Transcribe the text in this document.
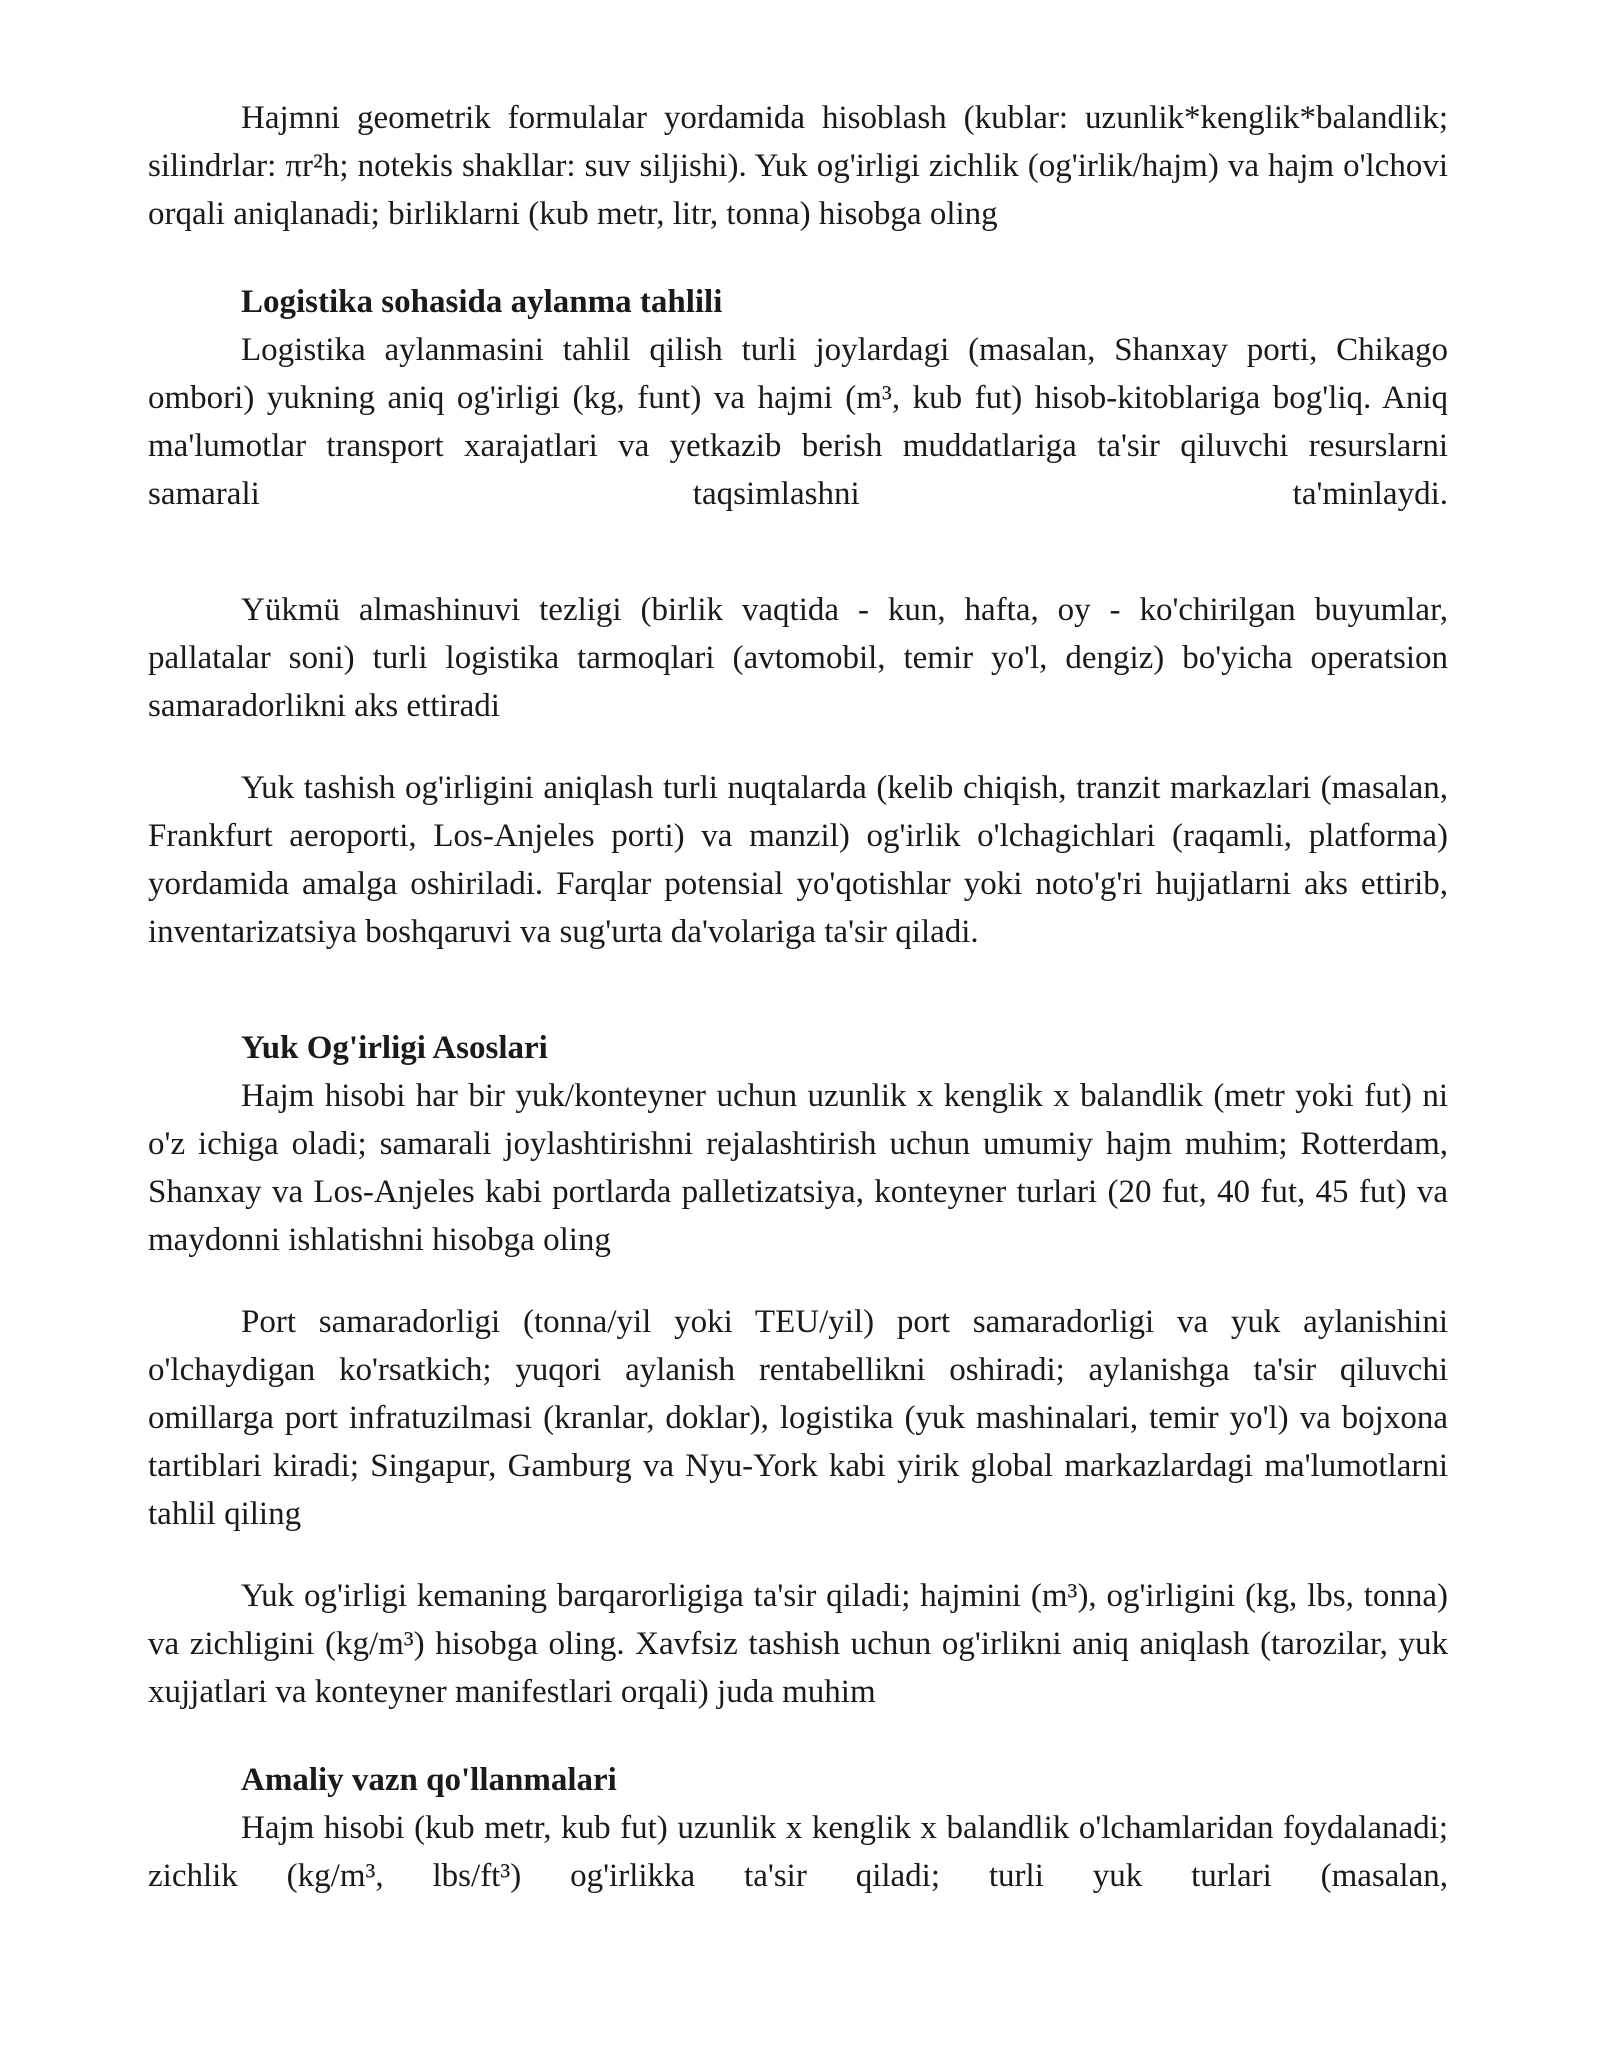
Hajmni geometrik formulalar yordamida hisoblash (kublar: uzunlik*kenglik*balandlik; silindrlar: πr²h; notekis shakllar: suv siljishi). Yuk og'irligi zichlik (og'irlik/hajm) va hajm o'lchovi orqali aniqlanadi; birliklarni (kub metr, litr, tonna) hisobga oling

Logistika sohasida aylanma tahlili

Logistika aylanmasini tahlil qilish turli joylardagi (masalan, Shanxay porti, Chikago ombori) yukning aniq og'irligi (kg, funt) va hajmi (m³, kub fut) hisob-kitoblariga bog'liq. Aniq ma'lumotlar transport xarajatlari va yetkazib berish muddatlariga ta'sir qiluvchi resurslarni samarali taqsimlashni ta'minlaydi.

Yükmü almashinuvi tezligi (birlik vaqtida - kun, hafta, oy - ko'chirilgan buyumlar, pallatalar soni) turli logistika tarmoqlari (avtomobil, temir yo'l, dengiz) bo'yicha operatsion samaradorlikni aks ettiradi

Yuk tashish og'irligini aniqlash turli nuqtalarda (kelib chiqish, tranzit markazlari (masalan, Frankfurt aeroporti, Los-Anjeles porti) va manzil) og'irlik o'lchagichlari (raqamli, platforma) yordamida amalga oshiriladi. Farqlar potensial yo'qotishlar yoki noto'g'ri hujjatlarni aks ettirib, inventarizatsiya boshqaruvi va sug'urta da'volariga ta'sir qiladi.

Yuk Og'irligi Asoslari

Hajm hisobi har bir yuk/konteyner uchun uzunlik x kenglik x balandlik (metr yoki fut) ni o'z ichiga oladi; samarali joylashtirishni rejalashtirish uchun umumiy hajm muhim; Rotterdam, Shanxay va Los-Anjeles kabi portlarda palletizatsiya, konteyner turlari (20 fut, 40 fut, 45 fut) va maydonni ishlatishni hisobga oling

Port samaradorligi (tonna/yil yoki TEU/yil) port samaradorligi va yuk aylanishini o'lchaydigan ko'rsatkich; yuqori aylanish rentabellikni oshiradi; aylanishga ta'sir qiluvchi omillarga port infratuzilmasi (kranlar, doklar), logistika (yuk mashinalari, temir yo'l) va bojxona tartiblari kiradi; Singapur, Gamburg va Nyu-York kabi yirik global markazlardagi ma'lumotlarni tahlil qiling

Yuk og'irligi kemaning barqarorligiga ta'sir qiladi; hajmini (m³), og'irligini (kg, lbs, tonna) va zichligini (kg/m³) hisobga oling. Xavfsiz tashish uchun og'irlikni aniq aniqlash (tarozilar, yuk xujjatlari va konteyner manifestlari orqali) juda muhim

Amaliy vazn qo'llanmalari

Hajm hisobi (kub metr, kub fut) uzunlik x kenglik x balandlik o'lchamlaridan foydalanadi; zichlik (kg/m³, lbs/ft³) og'irlikka ta'sir qiladi; turli yuk turlari (masalan,
